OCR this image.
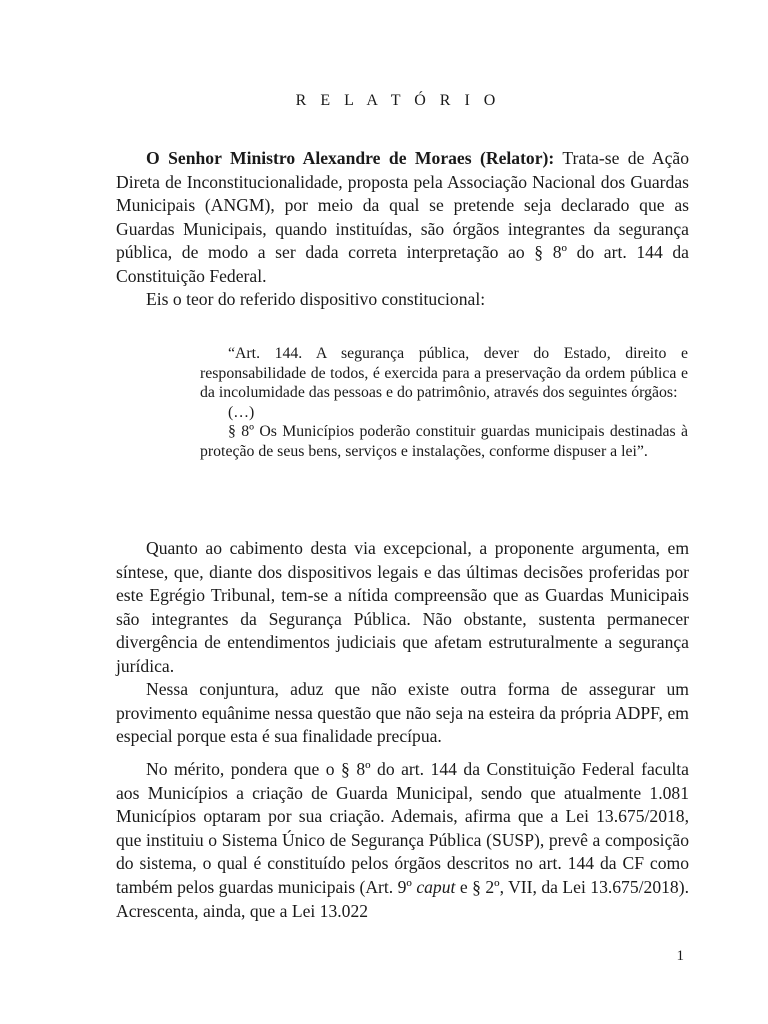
R E L A T Ó R I O

O Senhor Ministro Alexandre de Moraes (Relator): Trata-se de Ação Direta de Inconstitucionalidade, proposta pela Associação Nacional dos Guardas Municipais (ANGM), por meio da qual se pretende seja declarado que as Guardas Municipais, quando instituídas, são órgãos integrantes da segurança pública, de modo a ser dada correta interpretação ao § 8º do art. 144 da Constituição Federal.

Eis o teor do referido dispositivo constitucional:

“Art. 144. A segurança pública, dever do Estado, direito e responsabilidade de todos, é exercida para a preservação da ordem pública e da incolumidade das pessoas e do patrimônio, através dos seguintes órgãos:

(…)

§ 8º Os Municípios poderão constituir guardas municipais destinadas à proteção de seus bens, serviços e instalações, conforme dispuser a lei”.

Quanto ao cabimento desta via excepcional, a proponente argumenta, em síntese, que, diante dos dispositivos legais e das últimas decisões proferidas por este Egrégio Tribunal, tem-se a nítida compreensão que as Guardas Municipais são integrantes da Segurança Pública. Não obstante, sustenta permanecer divergência de entendimentos judiciais que afetam estruturalmente a segurança jurídica.

Nessa conjuntura, aduz que não existe outra forma de assegurar um provimento equânime nessa questão que não seja na esteira da própria ADPF, em especial porque esta é sua finalidade precípua.

No mérito, pondera que o § 8º do art. 144 da Constituição Federal faculta aos Municípios a criação de Guarda Municipal, sendo que atualmente 1.081 Municípios optaram por sua criação. Ademais, afirma que a Lei 13.675/2018, que instituiu o Sistema Único de Segurança Pública (SUSP), prevê a composição do sistema, o qual é constituído pelos órgãos descritos no art. 144 da CF como também pelos guardas municipais (Art. 9º caput e § 2º, VII, da Lei 13.675/2018). Acrescenta, ainda, que a Lei 13.022

1
